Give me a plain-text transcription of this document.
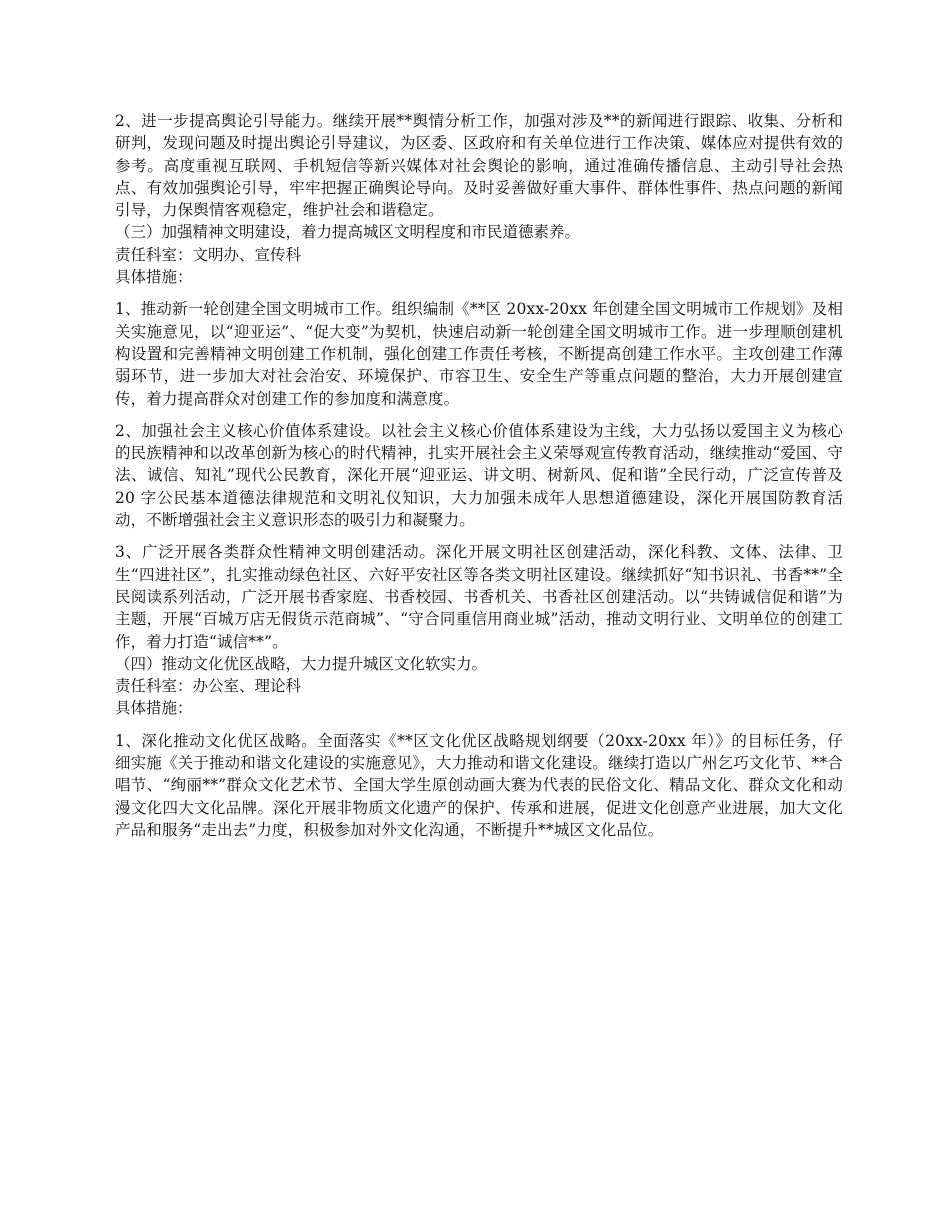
2、进一步提高舆论引导能力。继续开展**舆情分析工作，加强对涉及**的新闻进行跟踪、收集、分析和研判，发现问题及时提出舆论引导建议，为区委、区政府和有关单位进行工作决策、媒体应对提供有效的参考。高度重视互联网、手机短信等新兴媒体对社会舆论的影响，通过准确传播信息、主动引导社会热点、有效加强舆论引导，牢牢把握正确舆论导向。及时妥善做好重大事件、群体性事件、热点问题的新闻引导，力保舆情客观稳定，维护社会和谐稳定。

（三）加强精神文明建设，着力提高城区文明程度和市民道德素养。

责任科室：文明办、宣传科

具体措施：

1、推动新一轮创建全国文明城市工作。组织编制《**区 20xx-20xx 年创建全国文明城市工作规划》及相关实施意见，以“迎亚运”、“促大变”为契机，快速启动新一轮创建全国文明城市工作。进一步理顺创建机构设置和完善精神文明创建工作机制，强化创建工作责任考核，不断提高创建工作水平。主攻创建工作薄弱环节，进一步加大对社会治安、环境保护、市容卫生、安全生产等重点问题的整治，大力开展创建宣传，着力提高群众对创建工作的参加度和满意度。

2、加强社会主义核心价值体系建设。以社会主义核心价值体系建设为主线，大力弘扬以爱国主义为核心的民族精神和以改革创新为核心的时代精神，扎实开展社会主义荣辱观宣传教育活动，继续推动“爱国、守法、诚信、知礼”现代公民教育，深化开展“迎亚运、讲文明、树新风、促和谐”全民行动，广泛宣传普及 20 字公民基本道德法律规范和文明礼仪知识，大力加强未成年人思想道德建设，深化开展国防教育活动，不断增强社会主义意识形态的吸引力和凝聚力。

3、广泛开展各类群众性精神文明创建活动。深化开展文明社区创建活动，深化科教、文体、法律、卫生“四进社区”，扎实推动绿色社区、六好平安社区等各类文明社区建设。继续抓好“知书识礼、书香**”全民阅读系列活动，广泛开展书香家庭、书香校园、书香机关、书香社区创建活动。以“共铸诚信促和谐”为主题，开展“百城万店无假货示范商城”、“守合同重信用商业城”活动，推动文明行业、文明单位的创建工作，着力打造“诚信**”。

（四）推动文化优区战略，大力提升城区文化软实力。

责任科室：办公室、理论科

具体措施：

1、深化推动文化优区战略。全面落实《**区文化优区战略规划纲要（20xx-20xx 年）》的目标任务，仔细实施《关于推动和谐文化建设的实施意见》，大力推动和谐文化建设。继续打造以广州乞巧文化节、**合唱节、“绚丽**”群众文化艺术节、全国大学生原创动画大赛为代表的民俗文化、精品文化、群众文化和动漫文化四大文化品牌。深化开展非物质文化遗产的保护、传承和进展，促进文化创意产业进展，加大文化产品和服务“走出去”力度，积极参加对外文化沟通，不断提升**城区文化品位。
